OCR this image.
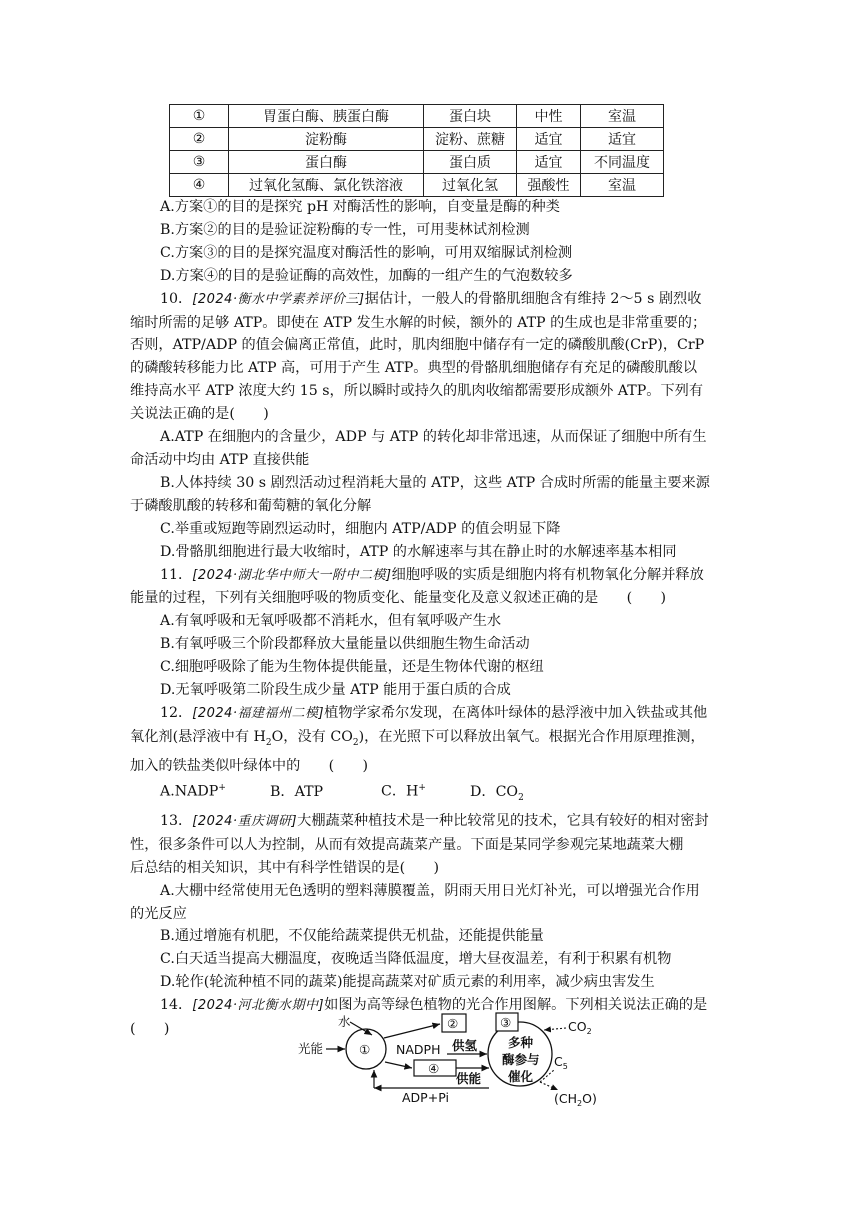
①	胃蛋白酶、胰蛋白酶	蛋白块	中性	室温
②	淀粉酶	淀粉、蔗糖	适宜	适宜
③	蛋白酶	蛋白质	适宜	不同温度
④	过氧化氢酶、氯化铁溶液	过氧化氢	强酸性	室温

A.方案①的目的是探究 pH 对酶活性的影响，自变量是酶的种类

B.方案②的目的是验证淀粉酶的专一性，可用斐林试剂检测

C.方案③的目的是探究温度对酶活性的影响，可用双缩脲试剂检测

D.方案④的目的是验证酶的高效性，加酶的一组产生的气泡数较多

10．[2024·衡水中学素养评价三]据估计，一般人的骨骼肌细胞含有维持 2～5 s 剧烈收

缩时所需的足够 ATP。即使在 ATP 发生水解的时候，额外的 ATP 的生成也是非常重要的；

否则，ATP/ADP 的值会偏离正常值，此时，肌肉细胞中储存有一定的磷酸肌酸(CrP)，CrP

的磷酸转移能力比 ATP 高，可用于产生 ATP。典型的骨骼肌细胞储存有充足的磷酸肌酸以

维持高水平 ATP 浓度大约 15 s，所以瞬时或持久的肌肉收缩都需要形成额外 ATP。下列有

关说法正确的是(　　)

A.ATP 在细胞内的含量少，ADP 与 ATP 的转化却非常迅速，从而保证了细胞中所有生

命活动中均由 ATP 直接供能

B.人体持续 30 s 剧烈活动过程消耗大量的 ATP，这些 ATP 合成时所需的能量主要来源

于磷酸肌酸的转移和葡萄糖的氧化分解

C.举重或短跑等剧烈运动时，细胞内 ATP/ADP 的值会明显下降

D.骨骼肌细胞进行最大收缩时，ATP 的水解速率与其在静止时的水解速率基本相同

11．[2024·湖北华中师大一附中二模]细胞呼吸的实质是细胞内将有机物氧化分解并释放

能量的过程，下列有关细胞呼吸的物质变化、能量变化及意义叙述正确的是　　(　　)

A.有氧呼吸和无氧呼吸都不消耗水，但有氧呼吸产生水

B.有氧呼吸三个阶段都释放大量能量以供细胞生物生命活动

C.细胞呼吸除了能为生物体提供能量，还是生物体代谢的枢纽

D.无氧呼吸第二阶段生成少量 ATP 能用于蛋白质的合成

12．[2024·福建福州二模]植物学家希尔发现，在离体叶绿体的悬浮液中加入铁盐或其他

氧化剂(悬浮液中有 $H_2O$，没有 $CO_2$)，在光照下可以释放出氧气。根据光合作用原理推测，

加入的铁盐类似叶绿体中的　　(　　)

A.NADP+	B．ATP	C．H+	D．$CO_2$

13．[2024·重庆调研]大棚蔬菜种植技术是一种比较常见的技术，它具有较好的相对密封

性，很多条件可以人为控制，从而有效提高蔬菜产量。下面是某同学参观完某地蔬菜大棚

后总结的相关知识，其中有科学性错误的是(　　)

A.大棚中经常使用无色透明的塑料薄膜覆盖，阴雨天用日光灯补光，可以增强光合作用

的光反应

B.通过增施有机肥，不仅能给蔬菜提供无机盐，还能提供能量

C.白天适当提高大棚温度，夜晚适当降低温度，增大昼夜温差，有利于积累有机物

D.轮作(轮流种植不同的蔬菜)能提高蔬菜对矿质元素的利用率，减少病虫害发生

14．[2024·河北衡水期中]如图为高等绿色植物的光合作用图解。下列相关说法正确的是

(　　)	水
光能	①
②
NADPH 供氢
④
供能
ADP+Pi
③
多种
酶参与
催化
$CO_2$
$C_5$
$(CH_2O)$
